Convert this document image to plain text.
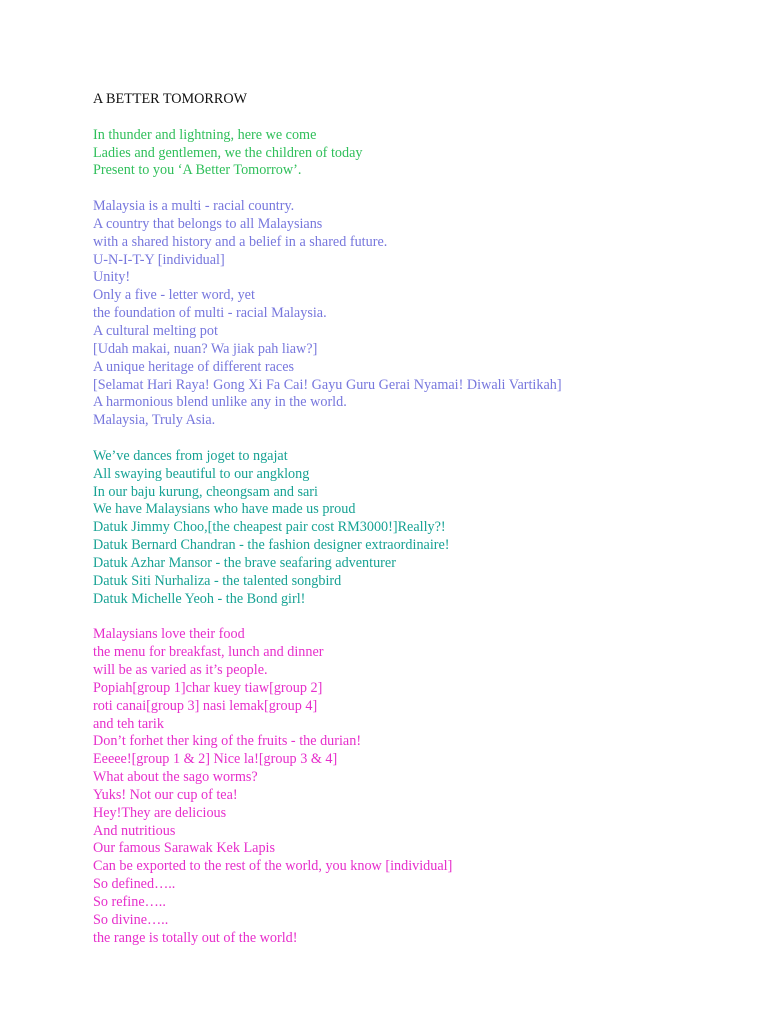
A BETTER TOMORROW
In thunder and lightning, here we come
Ladies and gentlemen, we the children of today
Present to you ‘A Better Tomorrow’.
Malaysia is a multi - racial country.
A country that belongs to all Malaysians
with a shared history and a belief in a shared future.
U-N-I-T-Y [individual]
Unity!
Only a five - letter word, yet
the foundation of multi - racial Malaysia.
A cultural melting pot
[Udah makai, nuan? Wa jiak pah liaw?]
A unique heritage of different races
[Selamat Hari Raya! Gong Xi Fa Cai! Gayu Guru Gerai Nyamai! Diwali Vartikah]
A harmonious blend unlike any in the world.
Malaysia, Truly Asia.
We’ve dances from joget to ngajat
All swaying beautiful to our angklong
In our baju kurung, cheongsam and sari
We have Malaysians who have made us proud
Datuk Jimmy Choo,[the cheapest pair cost RM3000!]Really?!
Datuk Bernard Chandran - the fashion designer extraordinaire!
Datuk Azhar Mansor - the brave seafaring adventurer
Datuk Siti Nurhaliza - the talented songbird
Datuk Michelle Yeoh - the Bond girl!
Malaysians love their food
the menu for breakfast, lunch and dinner
will be as varied as it’s people.
Popiah[group 1]char kuey tiaw[group 2]
roti canai[group 3] nasi lemak[group 4]
and teh tarik
Don’t forhet ther king of the fruits - the durian!
Eeeee![group 1 & 2] Nice la![group 3 & 4]
What about the sago worms?
Yuks! Not our cup of tea!
Hey!They are delicious
And nutritious
Our famous Sarawak Kek Lapis
Can be exported to the rest of the world, you know [individual]
So defined…..
So refine…..
So divine…..
the range is totally out of the world!
